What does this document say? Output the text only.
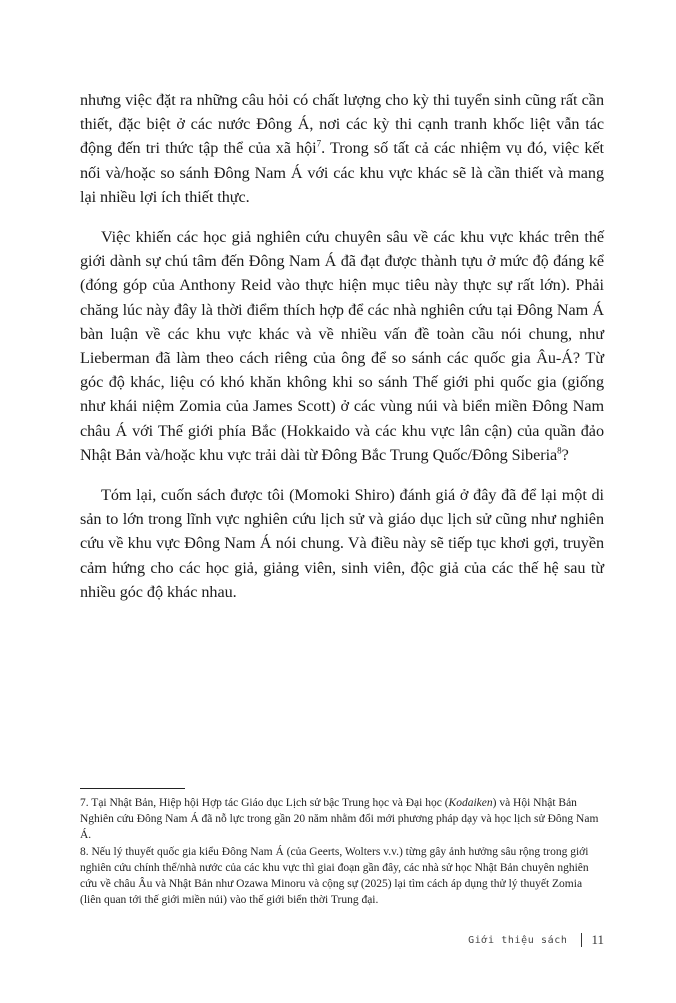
nhưng việc đặt ra những câu hỏi có chất lượng cho kỳ thi tuyển sinh cũng rất cần thiết, đặc biệt ở các nước Đông Á, nơi các kỳ thi cạnh tranh khốc liệt vẫn tác động đến tri thức tập thể của xã hội$^7$. Trong số tất cả các nhiệm vụ đó, việc kết nối và/hoặc so sánh Đông Nam Á với các khu vực khác sẽ là cần thiết và mang lại nhiều lợi ích thiết thực.

Việc khiến các học giả nghiên cứu chuyên sâu về các khu vực khác trên thế giới dành sự chú tâm đến Đông Nam Á đã đạt được thành tựu ở mức độ đáng kể (đóng góp của Anthony Reid vào thực hiện mục tiêu này thực sự rất lớn). Phải chăng lúc này đây là thời điểm thích hợp để các nhà nghiên cứu tại Đông Nam Á bàn luận về các khu vực khác và về nhiều vấn đề toàn cầu nói chung, như Lieberman đã làm theo cách riêng của ông để so sánh các quốc gia Âu-Á? Từ góc độ khác, liệu có khó khăn không khi so sánh Thế giới phi quốc gia (giống như khái niệm Zomia của James Scott) ở các vùng núi và biển miền Đông Nam châu Á với Thế giới phía Bắc (Hokkaido và các khu vực lân cận) của quần đảo Nhật Bản và/hoặc khu vực trải dài từ Đông Bắc Trung Quốc/Đông Siberia$^8$?

Tóm lại, cuốn sách được tôi (Momoki Shiro) đánh giá ở đây đã để lại một di sản to lớn trong lĩnh vực nghiên cứu lịch sử và giáo dục lịch sử cũng như nghiên cứu về khu vực Đông Nam Á nói chung. Và điều này sẽ tiếp tục khơi gợi, truyền cảm hứng cho các học giả, giảng viên, sinh viên, độc giả của các thế hệ sau từ nhiều góc độ khác nhau.

7. Tại Nhật Bản, Hiệp hội Hợp tác Giáo dục Lịch sử bậc Trung học và Đại học (Kodaiken) và Hội Nhật Bản Nghiên cứu Đông Nam Á đã nỗ lực trong gần 20 năm nhằm đổi mới phương pháp dạy và học lịch sử Đông Nam Á.

8. Nếu lý thuyết quốc gia kiểu Đông Nam Á (của Geerts, Wolters v.v.) từng gây ảnh hưởng sâu rộng trong giới nghiên cứu chính thể/nhà nước của các khu vực thì giai đoạn gần đây, các nhà sử học Nhật Bản chuyên nghiên cứu về châu Âu và Nhật Bản như Ozawa Minoru và cộng sự (2025) lại tìm cách áp dụng thử lý thuyết Zomia (liên quan tới thế giới miền núi) vào thế giới biển thời Trung đại.

Giới thiệu sách 11
